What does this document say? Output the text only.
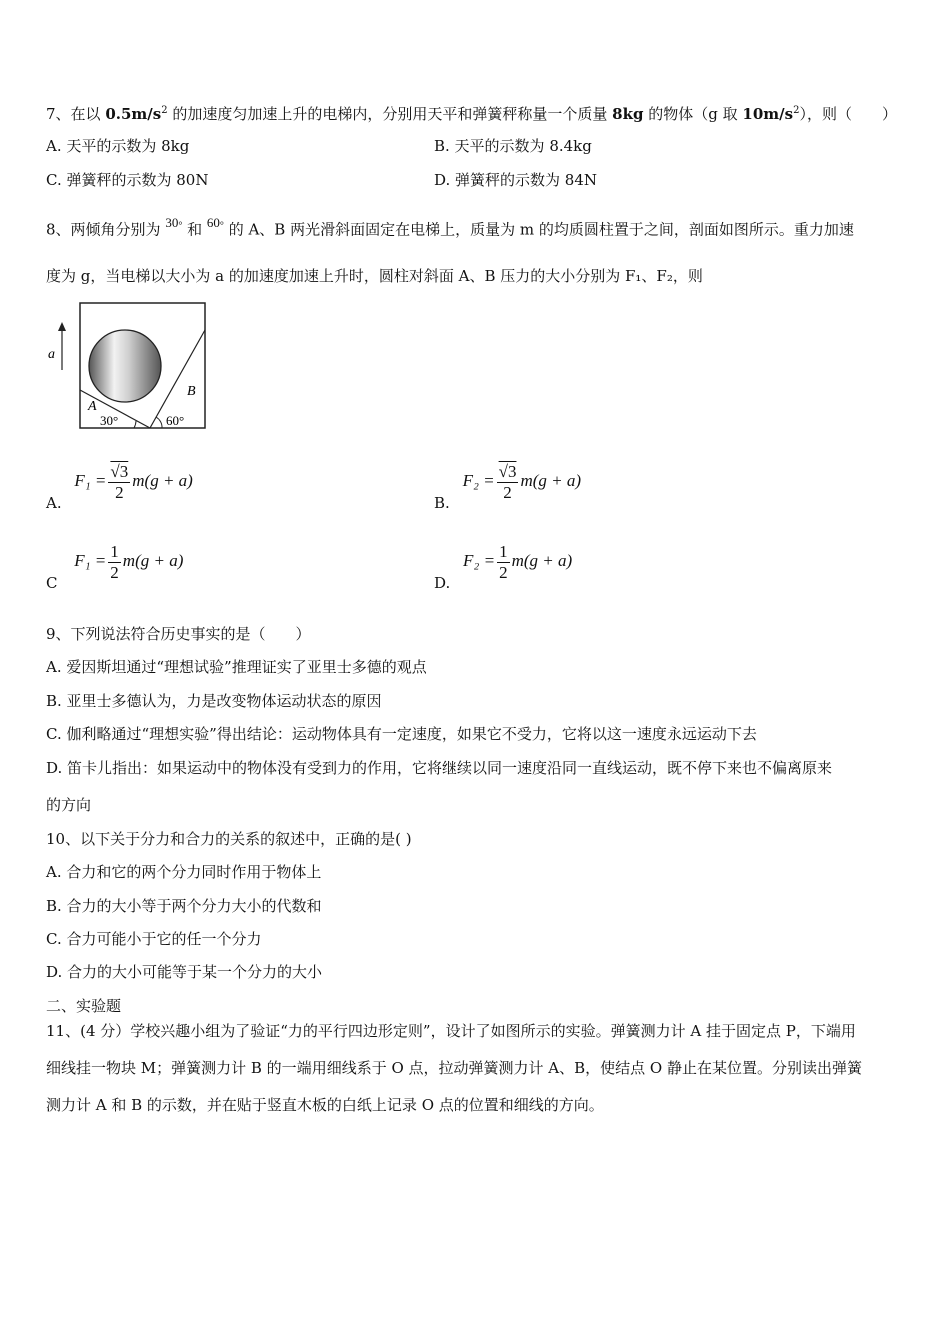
7、在以 $0.5m/s^2$ 的加速度匀加速上升的电梯内，分别用天平和弹簧秤称量一个质量 8kg 的物体（g 取 $10m/s^2$），则（　　）
A. 天平的示数为 8kg	B. 天平的示数为 8.4kg
C. 弹簧秤的示数为 80N	D. 弹簧秤的示数为 84N
8、两倾角分别为 $^{30^\circ}$ 和 $^{60^\circ}$ 的 A、B 两光滑斜面固定在电梯上，质量为 m 的均质圆柱置于之间，剖面如图所示。重力加速
度为 g，当电梯以大小为 a 的加速度加速上升时，圆柱对斜面 A、B 压力的大小分别为 F₁、F₂，则
a
A
B
30°	60°
A. $F_1 = \frac{√3}{2} m(g + a)$
B. $F_2 = \frac{√3}{2} m(g + a)$
C $F_1 = \frac{1}{2} m(g + a)$
D. $F_2 = \frac{1}{2} m(g + a)$
9、下列说法符合历史事实的是（　　）
A. 爱因斯坦通过“理想试验”推理证实了亚里士多德的观点
B. 亚里士多德认为，力是改变物体运动状态的原因
C. 伽利略通过“理想实验”得出结论：运动物体具有一定速度，如果它不受力，它将以这一速度永远运动下去
D. 笛卡儿指出：如果运动中的物体没有受到力的作用，它将继续以同一速度沿同一直线运动，既不停下来也不偏离原来
的方向
10、以下关于分力和合力的关系的叙述中，正确的是( )
A. 合力和它的两个分力同时作用于物体上
B. 合力的大小等于两个分力大小的代数和
C. 合力可能小于它的任一个分力
D. 合力的大小可能等于某一个分力的大小
二、实验题
11、(4 分）学校兴趣小组为了验证“力的平行四边形定则”，设计了如图所示的实验。弹簧测力计 A 挂于固定点 P，下端用
细线挂一物块 M；弹簧测力计 B 的一端用细线系于 O 点，拉动弹簧测力计 A、B，使结点 O 静止在某位置。分别读出弹簧
测力计 A 和 B 的示数，并在贴于竖直木板的白纸上记录 O 点的位置和细线的方向。
